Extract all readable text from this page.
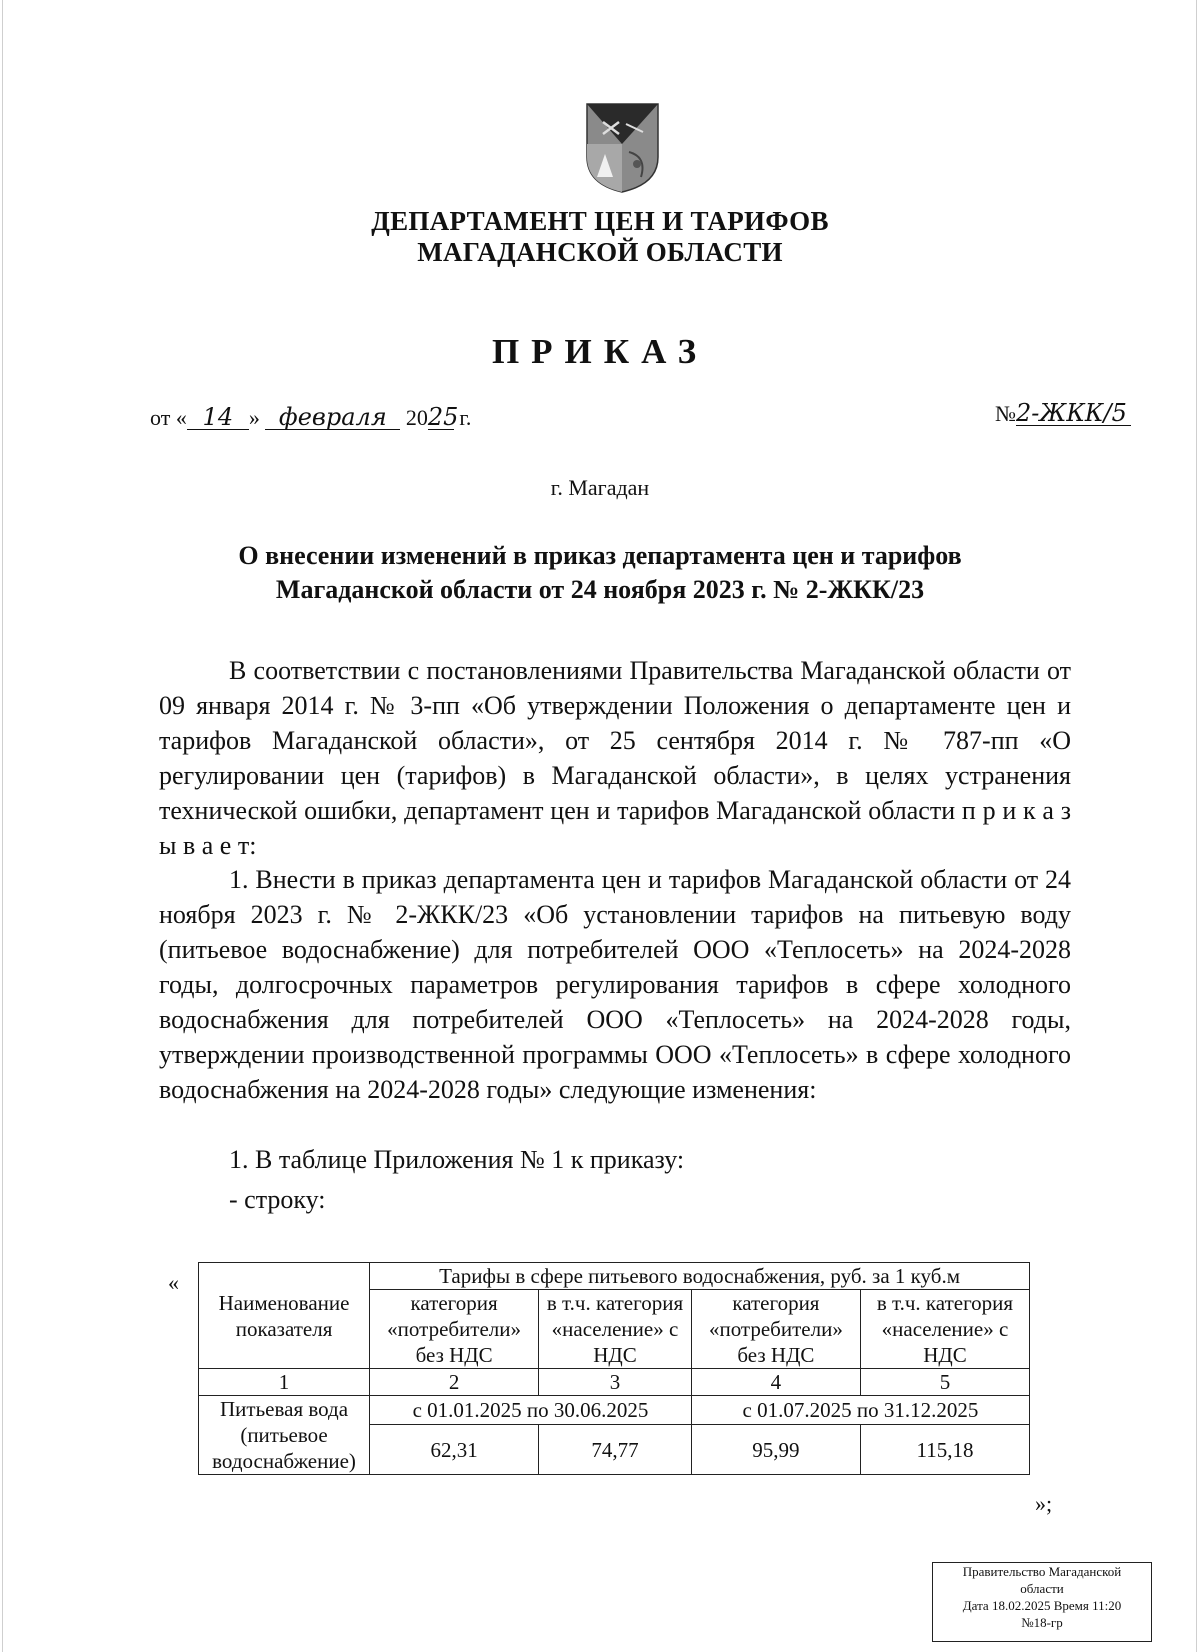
ДЕПАРТАМЕНТ ЦЕН И ТАРИФОВ
МАГАДАНСКОЙ ОБЛАСТИ
ПРИКАЗ
от « 14 » февраля 2025 г.	№2-ЖКК/5
г. Магадан
О внесении изменений в приказ департамента цен и тарифов
Магаданской области от 24 ноября 2023 г. № 2-ЖКК/23

В соответствии с постановлениями Правительства Магаданской области от 09 января 2014 г. № 3-пп «Об утверждении Положения о департаменте цен и тарифов Магаданской области», от 25 сентября 2014 г. № 787-пп «О регулировании цен (тарифов) в Магаданской области», в целях устранения технической ошибки, департамент цен и тарифов Магаданской области п р и к а з ы в а е т:

1. Внести в приказ департамента цен и тарифов Магаданской области от 24 ноября 2023 г. № 2-ЖКК/23 «Об установлении тарифов на питьевую воду (питьевое водоснабжение) для потребителей ООО «Теплосеть» на 2024-2028 годы, долгосрочных параметров регулирования тарифов в сфере холодного водоснабжения для потребителей ООО «Теплосеть» на 2024-2028 годы, утверждении производственной программы ООО «Теплосеть» в сфере холодного водоснабжения на 2024-2028 годы» следующие изменения:

1. В таблице Приложения № 1 к приказу:

- строку:

«
Наименование показателя	Тарифы в сфере питьевого водоснабжения, руб. за 1 куб.м			
	категория «потребители» без НДС	в т.ч. категория «население» с НДС	категория «потребители» без НДС	в т.ч. категория «население» с НДС
1	2	3	4	5
Питьевая вода (питьевое водоснабжение)	с 01.01.2025 по 30.06.2025		с 01.07.2025 по 31.12.2025	
	62,31	74,77	95,99	115,18
»;
Правительство Магаданской
области
Дата 18.02.2025 Время 11:20
№18-гр
